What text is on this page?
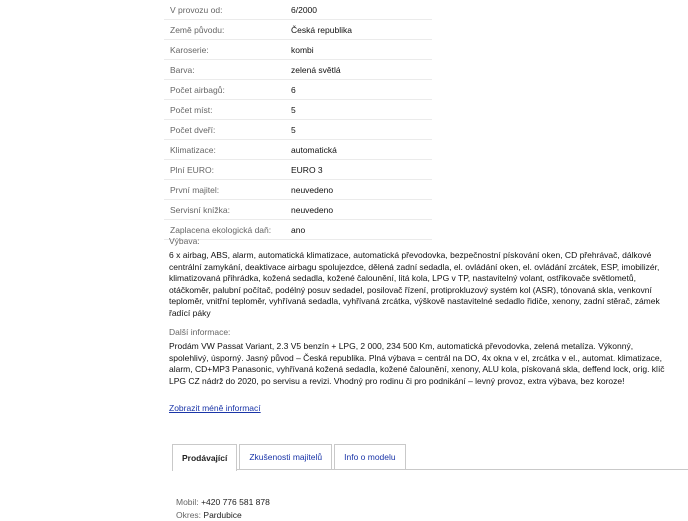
V provozu od:	6/2000
Země původu:	Česká republika
Karoserie:	kombi
Barva:	zelená světlá
Počet airbagů:	6
Počet míst:	5
Počet dveří:	5
Klimatizace:	automatická
Plní EURO:	EURO 3
První majitel:	neuvedeno
Servisní knížka:	neuvedeno
Zaplacena ekologická daň:	ano
Výbava:
6 x airbag, ABS, alarm, automatická klimatizace, automatická převodovka, bezpečnostní pískování oken, CD přehrávač, dálkové
centrální zamykání, deaktivace airbagu spolujezdce, dělená zadní sedadla, el. ovládání oken, el. ovládání zrcátek, ESP, imobilizér,
klimatizovaná přihrádka, kožená sedadla, kožené čalounění, litá kola, LPG v TP, nastavitelný volant, ostřikovače světlometů,
otáčkoměr, palubní počítač, podélný posuv sedadel, posilovač řízení, protiprokluzový systém kol (ASR), tónovaná skla, venkovní
teploměr, vnitřní teploměr, vyhřívaná sedadla, vyhřívaná zrcátka, výškově nastavitelné sedadlo řidiče, xenony, zadní stěrač, zámek
řadící páky
Další informace:
Prodám VW Passat Variant, 2.3 V5 benzín + LPG, 2 000, 234 500 Km, automatická převodovka, zelená metalíza. Výkonný,
spolehlivý, úsporný. Jasný původ – Česká republika. Plná výbava = centrál na DO, 4x okna v el, zrcátka v el., automat. klimatizace,
alarm, CD+MP3 Panasonic, vyhřívaná kožená sedadla, kožené čalounění, xenony, ALU kola, pískovaná skla, deffend lock, orig. klíč
LPG CZ nádrž do 2020, po servisu a revizi. Vhodný pro rodinu či pro podnikání – levný provoz, extra výbava, bez koroze!
Zobrazit méně informací
Prodávající	Zkušenosti majitelů	Info o modelu
Mobil: +420 776 581 878
Okres: Pardubice
